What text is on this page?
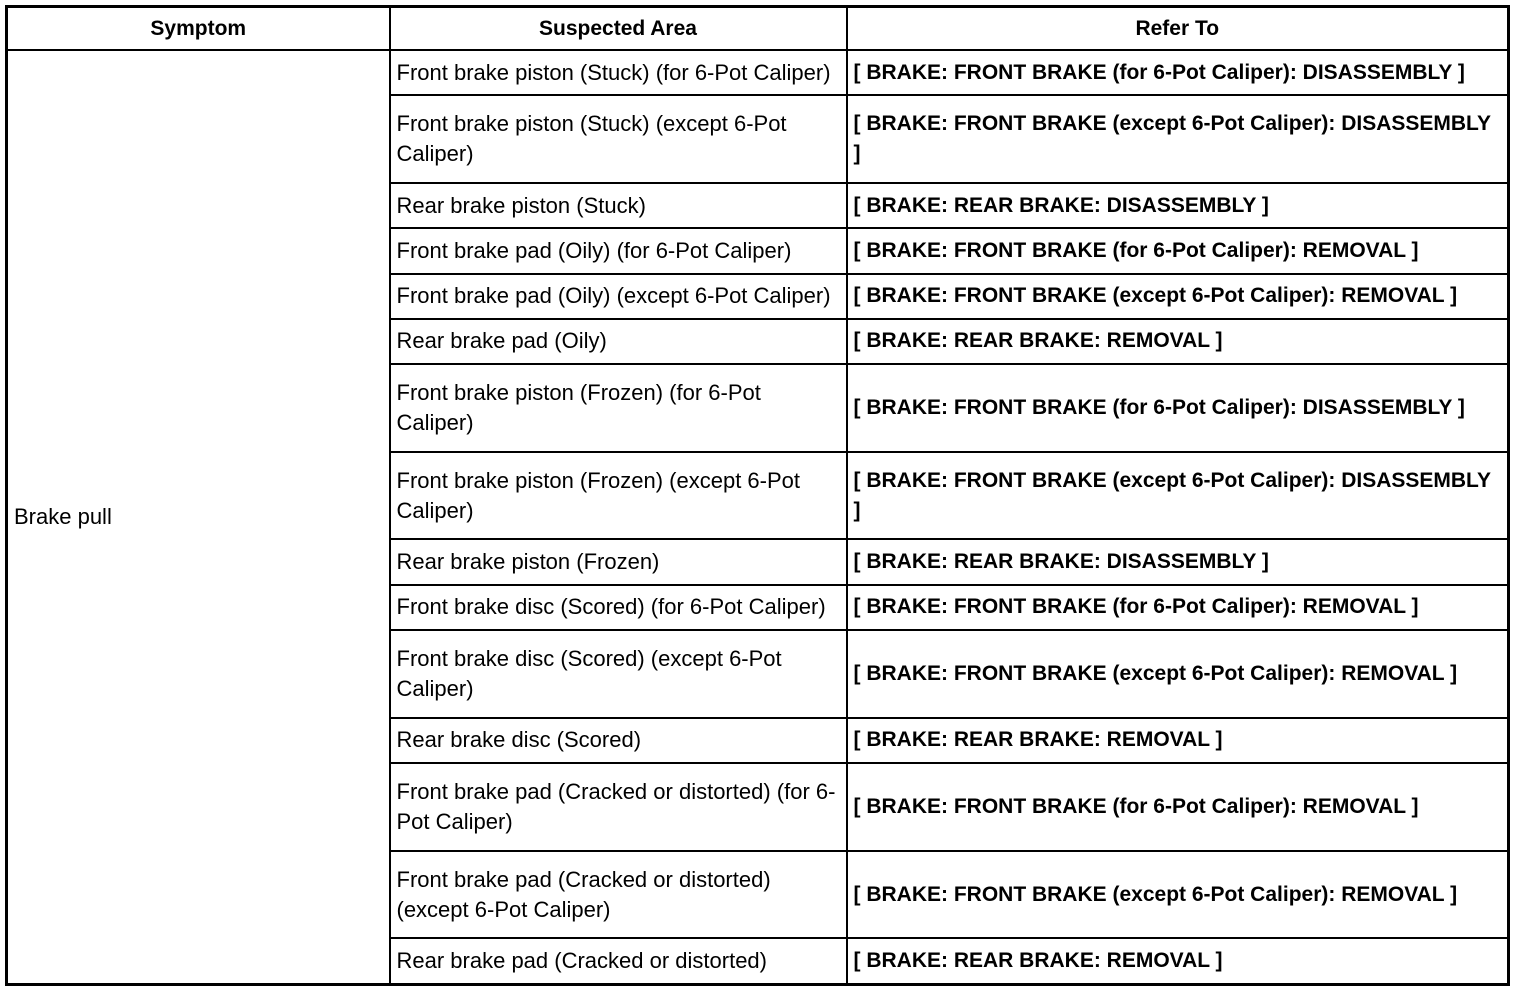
Symptom	Suspected Area	Refer To
Brake pull	Front brake piston (Stuck) (for 6-Pot Caliper)	[ BRAKE: FRONT BRAKE (for 6-Pot Caliper): DISASSEMBLY ]
	Front brake piston (Stuck) (except 6-Pot Caliper)	[ BRAKE: FRONT BRAKE (except 6-Pot Caliper): DISASSEMBLY ]
	Rear brake piston (Stuck)	[ BRAKE: REAR BRAKE: DISASSEMBLY ]
	Front brake pad (Oily) (for 6-Pot Caliper)	[ BRAKE: FRONT BRAKE (for 6-Pot Caliper): REMOVAL ]
	Front brake pad (Oily) (except 6-Pot Caliper)	[ BRAKE: FRONT BRAKE (except 6-Pot Caliper): REMOVAL ]
	Rear brake pad (Oily)	[ BRAKE: REAR BRAKE: REMOVAL ]
	Front brake piston (Frozen) (for 6-Pot Caliper)	[ BRAKE: FRONT BRAKE (for 6-Pot Caliper): DISASSEMBLY ]
	Front brake piston (Frozen) (except 6-Pot Caliper)	[ BRAKE: FRONT BRAKE (except 6-Pot Caliper): DISASSEMBLY ]
	Rear brake piston (Frozen)	[ BRAKE: REAR BRAKE: DISASSEMBLY ]
	Front brake disc (Scored) (for 6-Pot Caliper)	[ BRAKE: FRONT BRAKE (for 6-Pot Caliper): REMOVAL ]
	Front brake disc (Scored) (except 6-Pot Caliper)	[ BRAKE: FRONT BRAKE (except 6-Pot Caliper): REMOVAL ]
	Rear brake disc (Scored)	[ BRAKE: REAR BRAKE: REMOVAL ]
	Front brake pad (Cracked or distorted) (for 6-Pot Caliper)	[ BRAKE: FRONT BRAKE (for 6-Pot Caliper): REMOVAL ]
	Front brake pad (Cracked or distorted) (except 6-Pot Caliper)	[ BRAKE: FRONT BRAKE (except 6-Pot Caliper): REMOVAL ]
	Rear brake pad (Cracked or distorted)	[ BRAKE: REAR BRAKE: REMOVAL ]
